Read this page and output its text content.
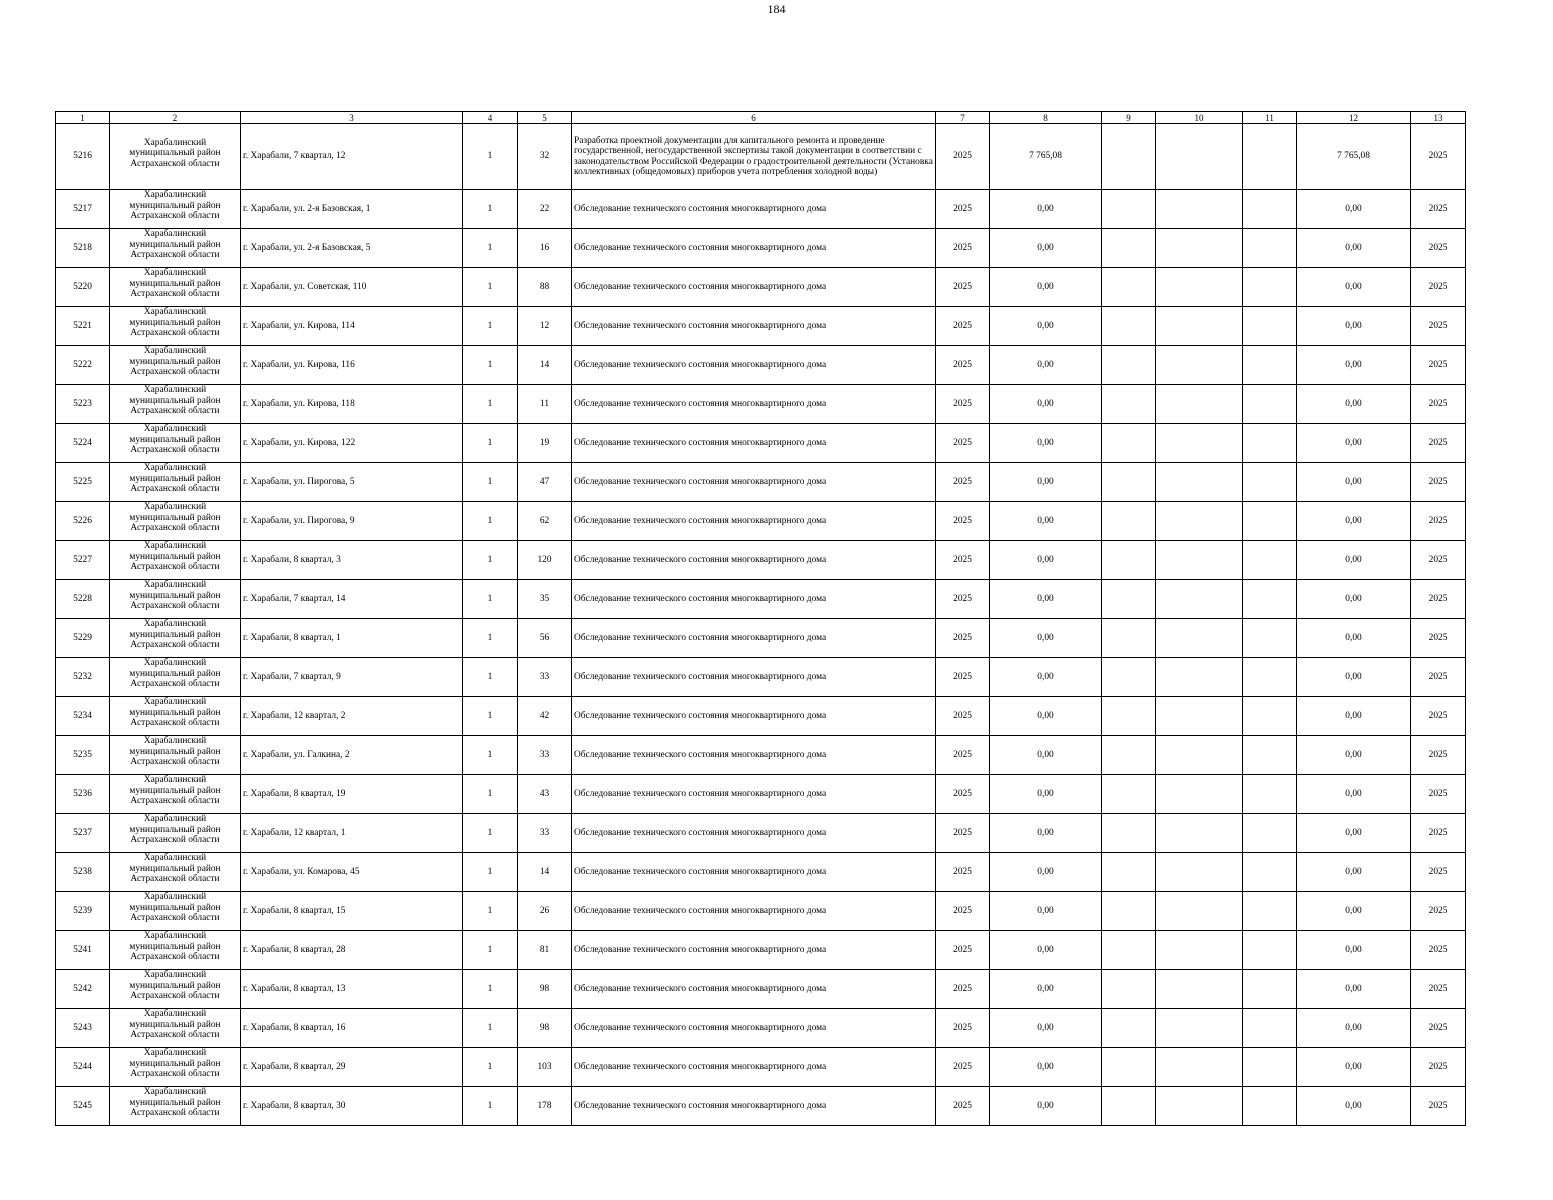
184
1	2	3	4	5	6	7	8	9	10	11	12	13
5216	Харабалинский муниципальный район Астраханской области	г. Харабали, 7 квартал, 12	1	32	Разработка проектной документации для капитального ремонта и проведение государственной, негосударственной экспертизы такой документации в соответствии с законодательством Российской Федерации о градостроительной деятельности (Установка коллективных (общедомовых) приборов учета потребления холодной воды)	2025	7 765,08				7 765,08	2025
5217	Харабалинский муниципальный район Астраханской области	г. Харабали, ул. 2-я Базовская, 1	1	22	Обследование технического состояния многоквартирного дома	2025	0,00				0,00	2025
5218	Харабалинский муниципальный район Астраханской области	г. Харабали, ул. 2-я Базовская, 5	1	16	Обследование технического состояния многоквартирного дома	2025	0,00				0,00	2025
5220	Харабалинский муниципальный район Астраханской области	г. Харабали, ул. Советская, 110	1	88	Обследование технического состояния многоквартирного дома	2025	0,00				0,00	2025
5221	Харабалинский муниципальный район Астраханской области	г. Харабали, ул. Кирова, 114	1	12	Обследование технического состояния многоквартирного дома	2025	0,00				0,00	2025
5222	Харабалинский муниципальный район Астраханской области	г. Харабали, ул. Кирова, 116	1	14	Обследование технического состояния многоквартирного дома	2025	0,00				0,00	2025
5223	Харабалинский муниципальный район Астраханской области	г. Харабали, ул. Кирова, 118	1	11	Обследование технического состояния многоквартирного дома	2025	0,00				0,00	2025
5224	Харабалинский муниципальный район Астраханской области	г. Харабали, ул. Кирова, 122	1	19	Обследование технического состояния многоквартирного дома	2025	0,00				0,00	2025
5225	Харабалинский муниципальный район Астраханской области	г. Харабали, ул. Пирогова, 5	1	47	Обследование технического состояния многоквартирного дома	2025	0,00				0,00	2025
5226	Харабалинский муниципальный район Астраханской области	г. Харабали, ул. Пирогова, 9	1	62	Обследование технического состояния многоквартирного дома	2025	0,00				0,00	2025
5227	Харабалинский муниципальный район Астраханской области	г. Харабали, 8 квартал, 3	1	120	Обследование технического состояния многоквартирного дома	2025	0,00				0,00	2025
5228	Харабалинский муниципальный район Астраханской области	г. Харабали, 7 квартал, 14	1	35	Обследование технического состояния многоквартирного дома	2025	0,00				0,00	2025
5229	Харабалинский муниципальный район Астраханской области	г. Харабали, 8 квартал, 1	1	56	Обследование технического состояния многоквартирного дома	2025	0,00				0,00	2025
5232	Харабалинский муниципальный район Астраханской области	г. Харабали, 7 квартал, 9	1	33	Обследование технического состояния многоквартирного дома	2025	0,00				0,00	2025
5234	Харабалинский муниципальный район Астраханской области	г. Харабали, 12 квартал, 2	1	42	Обследование технического состояния многоквартирного дома	2025	0,00				0,00	2025
5235	Харабалинский муниципальный район Астраханской области	г. Харабали, ул. Галкина, 2	1	33	Обследование технического состояния многоквартирного дома	2025	0,00				0,00	2025
5236	Харабалинский муниципальный район Астраханской области	г. Харабали, 8 квартал, 19	1	43	Обследование технического состояния многоквартирного дома	2025	0,00				0,00	2025
5237	Харабалинский муниципальный район Астраханской области	г. Харабали, 12 квартал, 1	1	33	Обследование технического состояния многоквартирного дома	2025	0,00				0,00	2025
5238	Харабалинский муниципальный район Астраханской области	г. Харабали, ул. Комарова, 45	1	14	Обследование технического состояния многоквартирного дома	2025	0,00				0,00	2025
5239	Харабалинский муниципальный район Астраханской области	г. Харабали, 8 квартал, 15	1	26	Обследование технического состояния многоквартирного дома	2025	0,00				0,00	2025
5241	Харабалинский муниципальный район Астраханской области	г. Харабали, 8 квартал, 28	1	81	Обследование технического состояния многоквартирного дома	2025	0,00				0,00	2025
5242	Харабалинский муниципальный район Астраханской области	г. Харабали, 8 квартал, 13	1	98	Обследование технического состояния многоквартирного дома	2025	0,00				0,00	2025
5243	Харабалинский муниципальный район Астраханской области	г. Харабали, 8 квартал, 16	1	98	Обследование технического состояния многоквартирного дома	2025	0,00				0,00	2025
5244	Харабалинский муниципальный район Астраханской области	г. Харабали, 8 квартал, 29	1	103	Обследование технического состояния многоквартирного дома	2025	0,00				0,00	2025
5245	Харабалинский муниципальный район Астраханской области	г. Харабали, 8 квартал, 30	1	178	Обследование технического состояния многоквартирного дома	2025	0,00				0,00	2025
